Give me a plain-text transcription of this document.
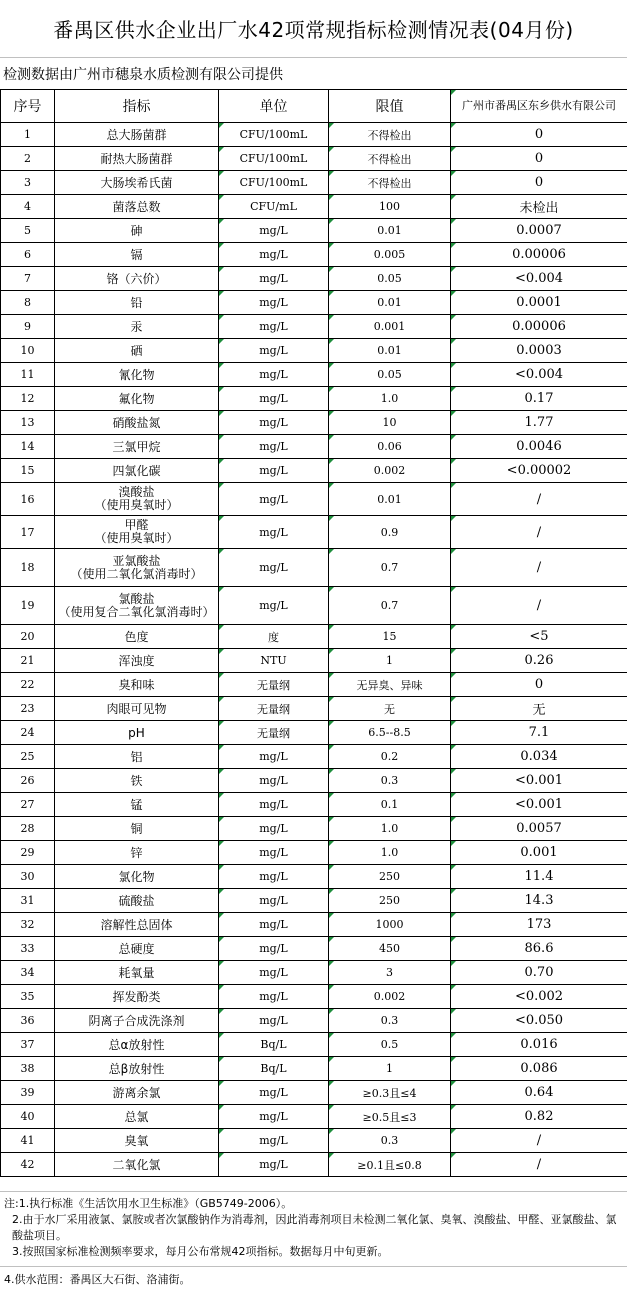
番禺区供水企业出厂水42项常规指标检测情况表(04月份)
检测数据由广州市穗泉水质检测有限公司提供
序号	指标	单位	限值	广州市番禺区东乡供水有限公司
1	总大肠菌群	CFU/100mL	不得检出	0
2	耐热大肠菌群	CFU/100mL	不得检出	0
3	大肠埃希氏菌	CFU/100mL	不得检出	0
4	菌落总数	CFU/mL	100	未检出
5	砷	mg/L	0.01	0.0007
6	镉	mg/L	0.005	0.00006
7	铬（六价）	mg/L	0.05	<0.004
8	铅	mg/L	0.01	0.0001
9	汞	mg/L	0.001	0.00006
10	硒	mg/L	0.01	0.0003
11	氰化物	mg/L	0.05	<0.004
12	氟化物	mg/L	1.0	0.17
13	硝酸盐氮	mg/L	10	1.77
14	三氯甲烷	mg/L	0.06	0.0046
15	四氯化碳	mg/L	0.002	<0.00002
16	溴酸盐
（使用臭氧时）	mg/L	0.01	/
17	甲醛
（使用臭氧时）	mg/L	0.9	/
18	亚氯酸盐
（使用二氧化氯消毒时）	mg/L	0.7	/
19	氯酸盐
（使用复合二氧化氯消毒时）	mg/L	0.7	/
20	色度	度	15	<5
21	浑浊度	NTU	1	0.26
22	臭和味	无量纲	无异臭、异味	0
23	肉眼可见物	无量纲	无	无
24	pH	无量纲	6.5--8.5	7.1
25	铝	mg/L	0.2	0.034
26	铁	mg/L	0.3	<0.001
27	锰	mg/L	0.1	<0.001
28	铜	mg/L	1.0	0.0057
29	锌	mg/L	1.0	0.001
30	氯化物	mg/L	250	11.4
31	硫酸盐	mg/L	250	14.3
32	溶解性总固体	mg/L	1000	173
33	总硬度	mg/L	450	86.6
34	耗氧量	mg/L	3	0.70
35	挥发酚类	mg/L	0.002	<0.002
36	阴离子合成洗涤剂	mg/L	0.3	<0.050
37	总α放射性	Bq/L	0.5	0.016
38	总β放射性	Bq/L	1	0.086
39	游离余氯	mg/L	≥0.3且≤4	0.64
40	总氯	mg/L	≥0.5且≤3	0.82
41	臭氧	mg/L	0.3	/
42	二氧化氯	mg/L	≥0.1且≤0.8	/

注:1.执行标准《生活饮用水卫生标准》（GB5749-2006）。

2.由于水厂采用液氯、氯胺或者次氯酸钠作为消毒剂，因此消毒剂项目未检测二氧化氯、臭氧、溴酸盐、甲醛、亚氯酸盐、氯酸盐项目。

3.按照国家标准检测频率要求，每月公布常规42项指标。数据每月中旬更新。

4.供水范围：番禺区大石街、洛浦街。
